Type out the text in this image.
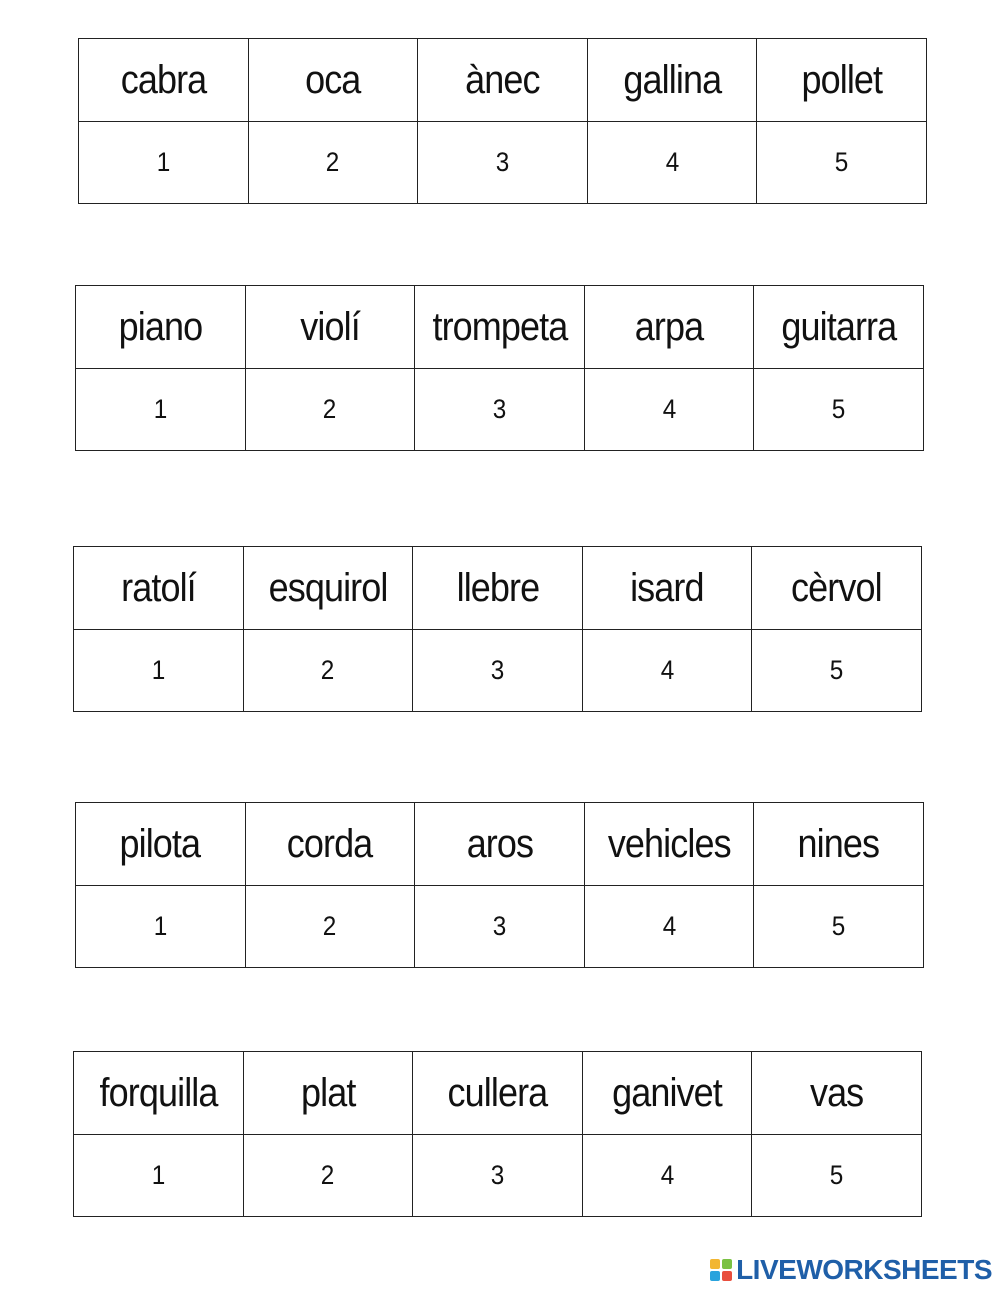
cabra	oca	ànec	gallina	pollet
1	2	3	4	5
piano	violí	trompeta	arpa	guitarra
1	2	3	4	5
ratolí	esquirol	llebre	isard	cèrvol
1	2	3	4	5
pilota	corda	aros	vehicles	nines
1	2	3	4	5
forquilla	plat	cullera	ganivet	vas
1	2	3	4	5
LIVEWORKSHEETS
